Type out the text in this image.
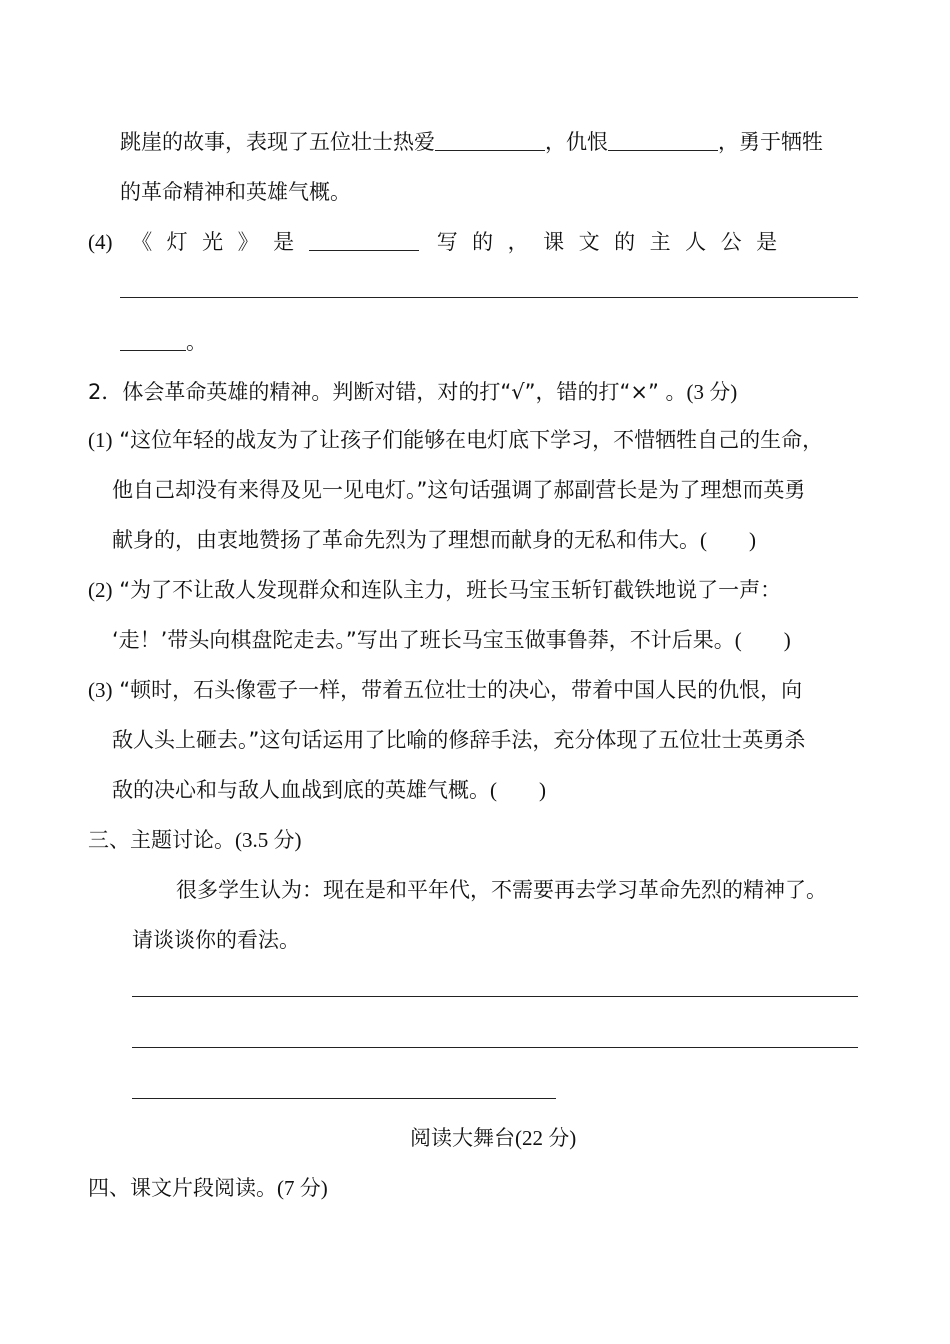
跳崖的故事，表现了五位壮士热爱	，仇恨	，勇于牺牲
的革命精神和英雄气概。
(4) 《灯光》是	写的，课文的主人公是
。
2．体会革命英雄的精神。判断对错，对的打“√”，错的打“×” 。(3 分)
(1) “这位年轻的战友为了让孩子们能够在电灯底下学习，不惜牺牲自己的生命，
他自己却没有来得及见一见电灯。”这句话强调了郝副营长是为了理想而英勇
献身的，由衷地赞扬了革命先烈为了理想而献身的无私和伟大。(　　)
(2) “为了不让敌人发现群众和连队主力，班长马宝玉斩钉截铁地说了一声：
‘走！’带头向棋盘陀走去。”写出了班长马宝玉做事鲁莽，不计后果。(　　)
(3) “顿时，石头像雹子一样，带着五位壮士的决心，带着中国人民的仇恨，向
敌人头上砸去。”这句话运用了比喻的修辞手法，充分体现了五位壮士英勇杀
敌的决心和与敌人血战到底的英雄气概。(　　)
三、主题讨论。(3.5 分)
很多学生认为：现在是和平年代，不需要再去学习革命先烈的精神了。
请谈谈你的看法。
阅读大舞台(22 分)
四、课文片段阅读。(7 分)
